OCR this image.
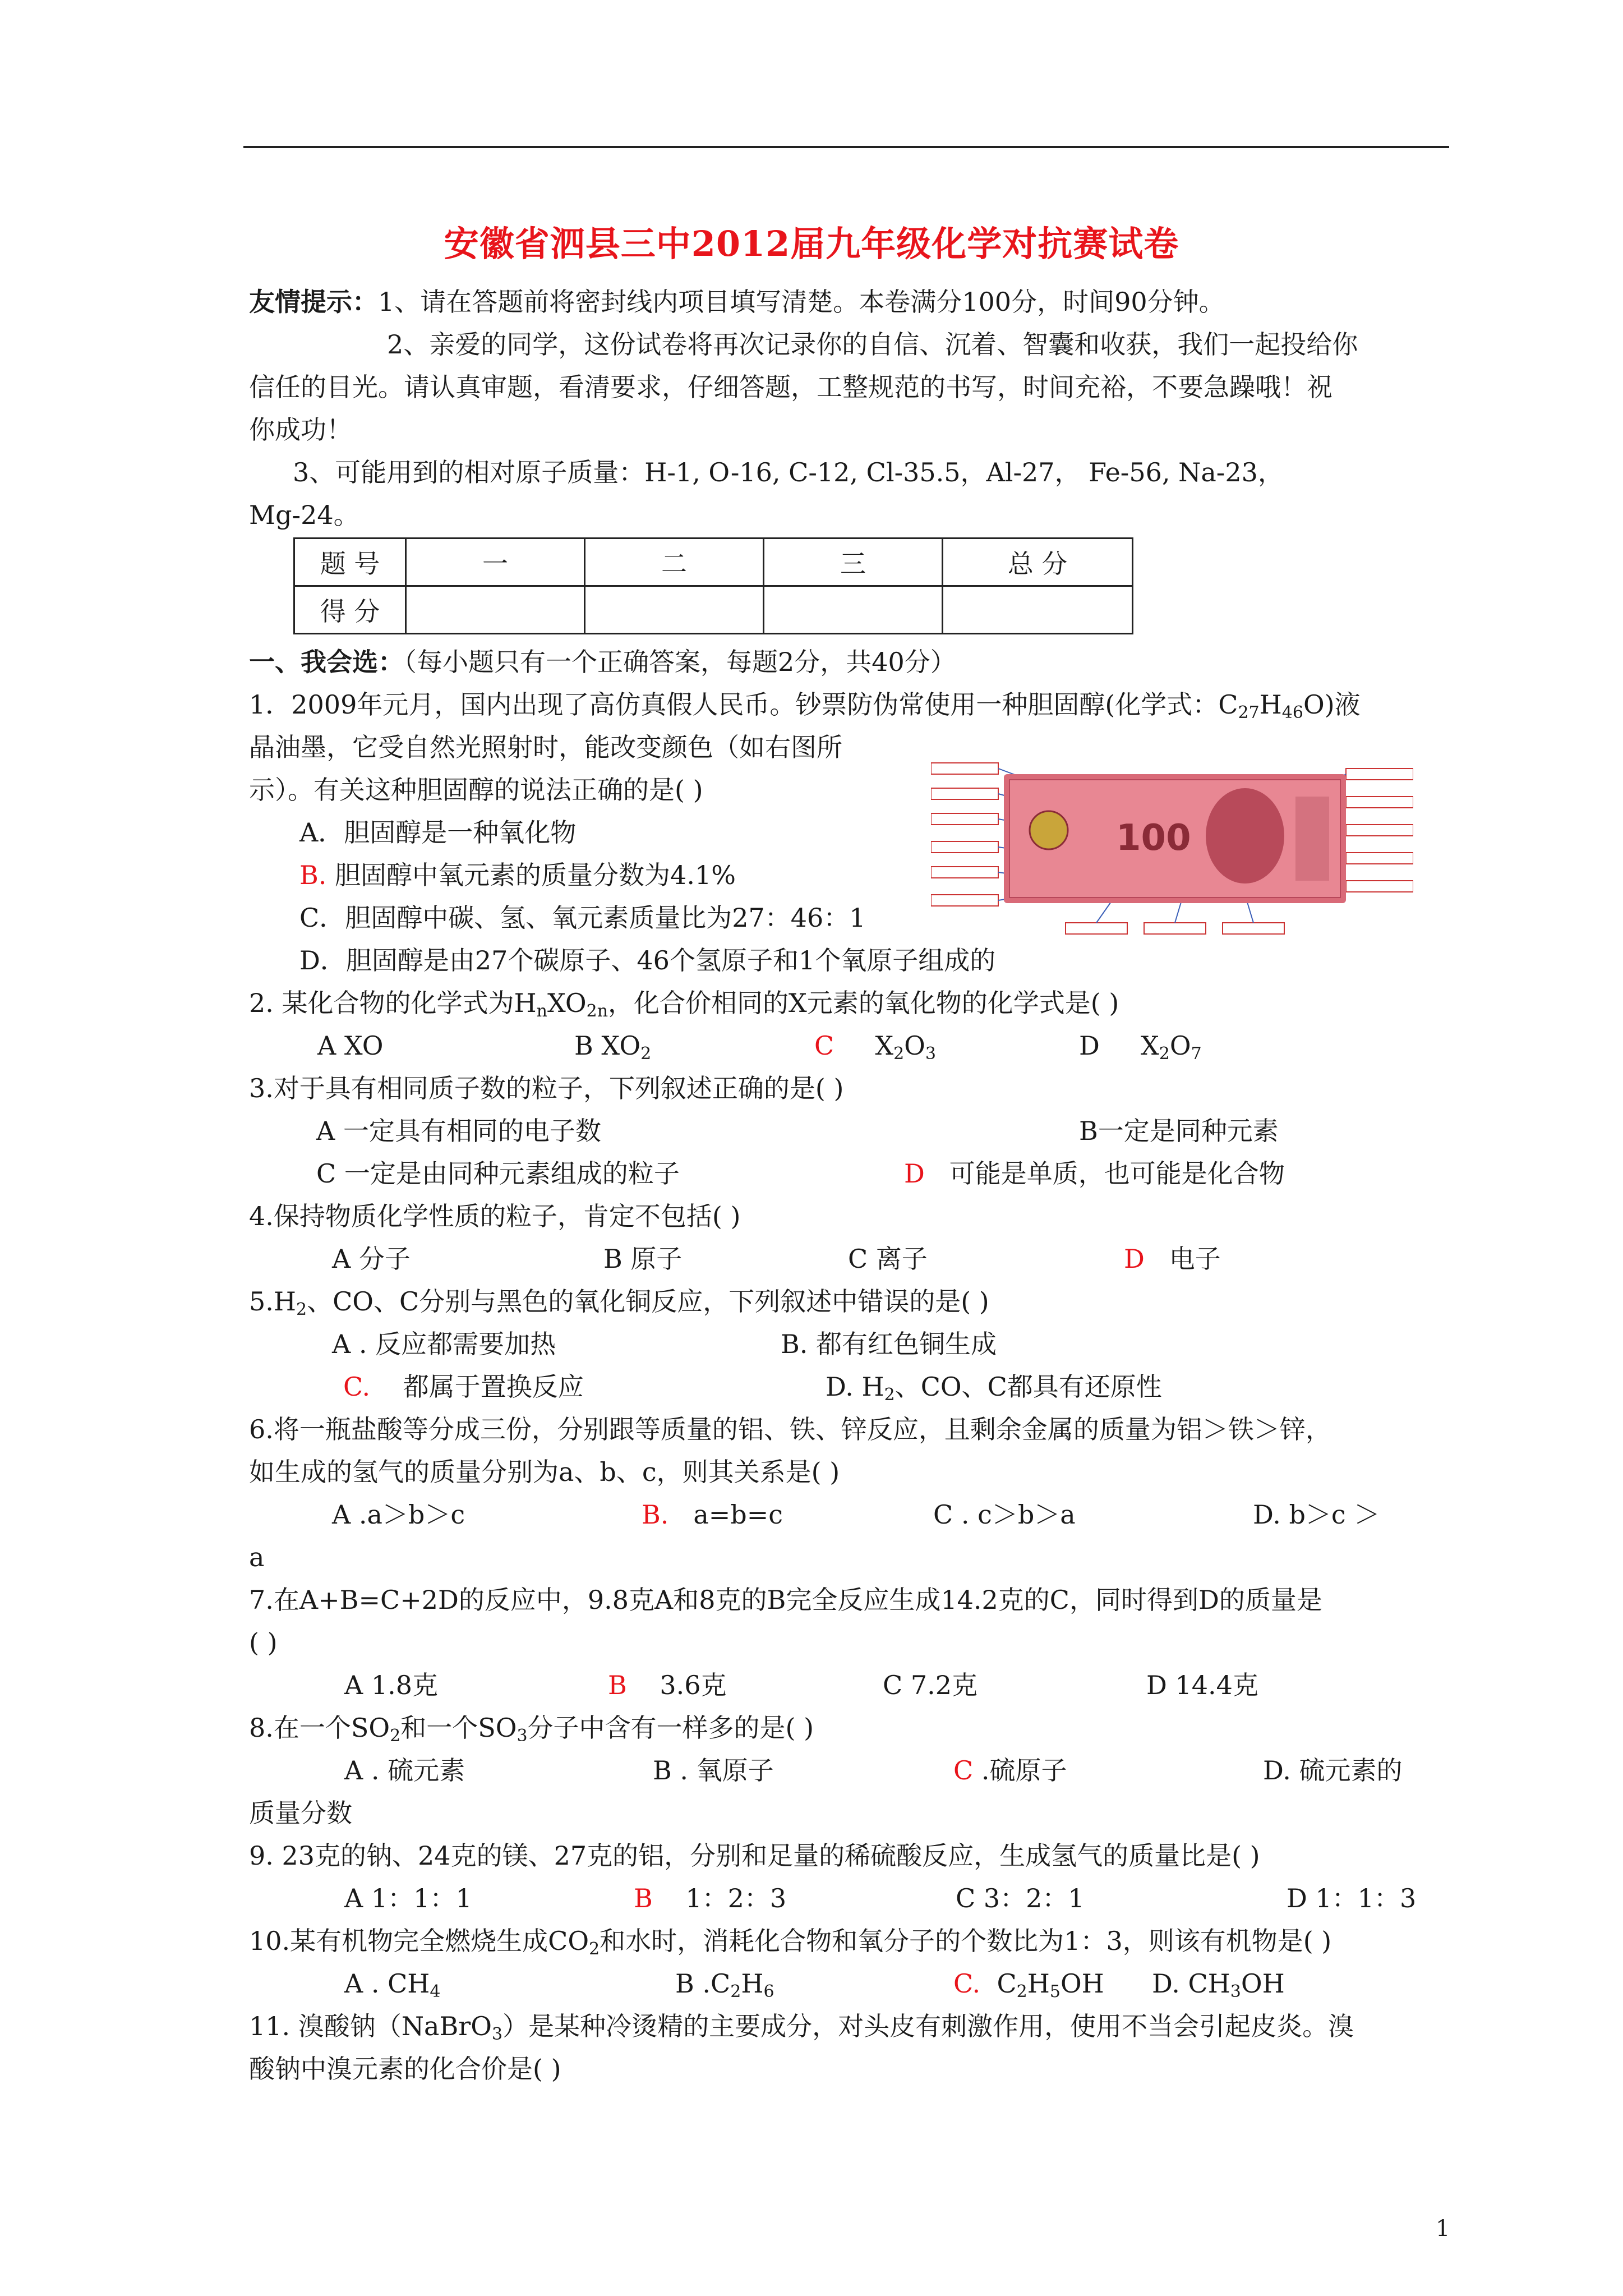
安徽省泗县三中2012届九年级化学对抗赛试卷
友情提示：1、请在答题前将密封线内项目填写清楚。本卷满分100分，时间90分钟。
2、亲爱的同学，这份试卷将再次记录你的自信、沉着、智囊和收获，我们一起投给你
信任的目光。请认真审题，看清要求，仔细答题，工整规范的书写，时间充裕，不要急躁哦！祝
你成功！
3、可能用到的相对原子质量：H-1, O-16, C-12, Cl-35.5，Al-27， Fe-56, Na-23，
Mg-24。
一、我会选：（每小题只有一个正确答案，每题2分，共40分）
1．2009年元月，国内出现了高仿真假人民币。钞票防伪常使用一种胆固醇(化学式：$C_{27}H_{46}O$)液
晶油墨，它受自然光照射时，能改变颜色（如右图所
示）。有关这种胆固醇的说法正确的是( )
A．胆固醇是一种氧化物
B. 胆固醇中氧元素的质量分数为4.1%
C．胆固醇中碳、氢、氧元素质量比为27：46：1
D．胆固醇是由27个碳原子、46个氢原子和1个氧原子组成的
2. 某化合物的化学式为$H_nXO_{2n}$，化合价相同的X元素的氧化物的化学式是( )
A XO	B $XO_2$	C $X_2O_3$	D $X_2O_7$
3.对于具有相同质子数的粒子，下列叙述正确的是( )
A 一定具有相同的电子数	B一定是同种元素
C 一定是由同种元素组成的粒子	D 可能是单质，也可能是化合物
4.保持物质化学性质的粒子，肯定不包括( )
A 分子	B 原子	C 离子	D 电子
$5.H_2$、CO、C分别与黑色的氧化铜反应，下列叙述中错误的是( )
A . 反应都需要加热	B. 都有红色铜生成
C. 都属于置换反应	D. $H_2$、CO、C都具有还原性
6.将一瓶盐酸等分成三份，分别跟等质量的铝、铁、锌反应，且剩余金属的质量为铝＞铁＞锌，
如生成的氢气的质量分别为a、b、c，则其关系是( )
A .a＞b＞c	B. a=b=c	C . c＞b＞a	D. b＞c ＞
a
7.在A+B=C+2D的反应中，9.8克A和8克的B完全反应生成14.2克的C，同时得到D的质量是
( )
A 1.8克	B 3.6克	C 7.2克	D 14.4克
8.在一个$SO_2$和一个$SO_3$分子中含有一样多的是( )
A . 硫元素	B . 氧原子	C .硫原子	D. 硫元素的
质量分数
9. 23克的钠、24克的镁、27克的铝，分别和足量的稀硫酸反应，生成氢气的质量比是( )
A 1：1：1	B 1：2：3	C 3：2：1	D 1：1：3
10.某有机物完全燃烧生成$CO_2$和水时，消耗化合物和氧分子的个数比为1：3，则该有机物是( )
A . $CH_4$	B $.C_2H_6$	C. $C_2H_5OH$ D. $CH_3OH$
11. 溴酸钠（NaBrO$_3$）是某种冷烫精的主要成分，对头皮有刺激作用，使用不当会引起皮炎。溴
酸钠中溴元素的化合价是( )
题 号	一	二	三	总 分
得 分				
100
1
